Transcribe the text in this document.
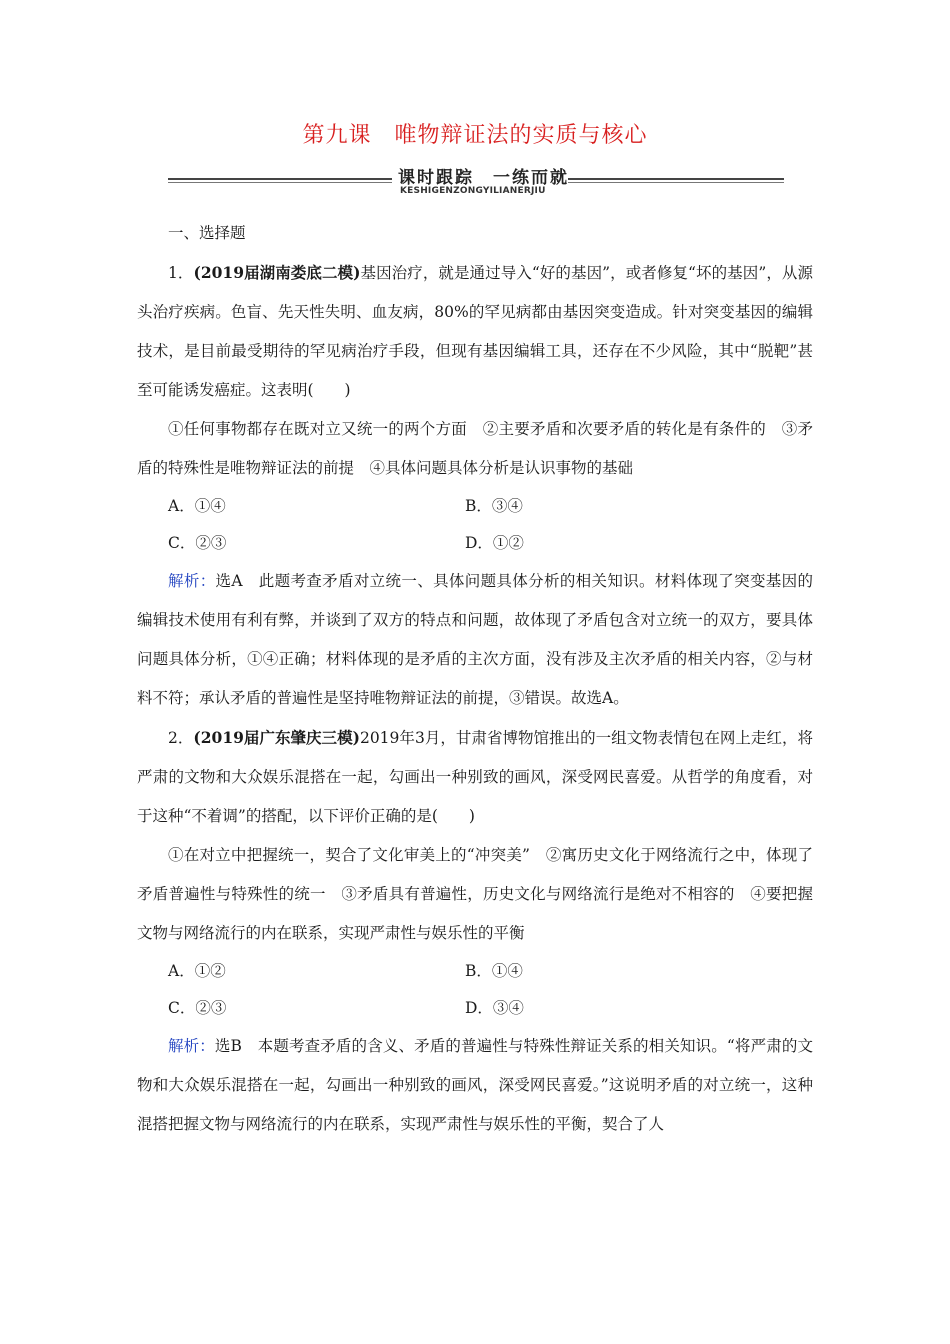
第九课　唯物辩证法的实质与核心
课时跟踪　一练而就
KESHIGENZONGYILIANERJIU

一、选择题

1．(2019届湖南娄底二模)基因治疗，就是通过导入“好的基因”，或者修复“坏的基因”，从源头治疗疾病。色盲、先天性失明、血友病，80%的罕见病都由基因突变造成。针对突变基因的编辑技术，是目前最受期待的罕见病治疗手段，但现有基因编辑工具，还存在不少风险，其中“脱靶”甚至可能诱发癌症。这表明(　　)

①任何事物都存在既对立又统一的两个方面　②主要矛盾和次要矛盾的转化是有条件的　③矛盾的特殊性是唯物辩证法的前提　④具体问题具体分析是认识事物的基础

A．①④	B．③④
C．②③	D．①②

解析：选A　此题考查矛盾对立统一、具体问题具体分析的相关知识。材料体现了突变基因的编辑技术使用有利有弊，并谈到了双方的特点和问题，故体现了矛盾包含对立统一的双方，要具体问题具体分析，①④正确；材料体现的是矛盾的主次方面，没有涉及主次矛盾的相关内容，②与材料不符；承认矛盾的普遍性是坚持唯物辩证法的前提，③错误。故选A。

2．(2019届广东肇庆三模)2019年3月，甘肃省博物馆推出的一组文物表情包在网上走红，将严肃的文物和大众娱乐混搭在一起，勾画出一种别致的画风，深受网民喜爱。从哲学的角度看，对于这种“不着调”的搭配，以下评价正确的是(　　)

①在对立中把握统一，契合了文化审美上的“冲突美”　②寓历史文化于网络流行之中，体现了矛盾普遍性与特殊性的统一　③矛盾具有普遍性，历史文化与网络流行是绝对不相容的　④要把握文物与网络流行的内在联系，实现严肃性与娱乐性的平衡

A．①②	B．①④
C．②③	D．③④

解析：选B　本题考查矛盾的含义、矛盾的普遍性与特殊性辩证关系的相关知识。“将严肃的文物和大众娱乐混搭在一起，勾画出一种别致的画风，深受网民喜爱。”这说明矛盾的对立统一，这种混搭把握文物与网络流行的内在联系，实现严肃性与娱乐性的平衡，契合了人
